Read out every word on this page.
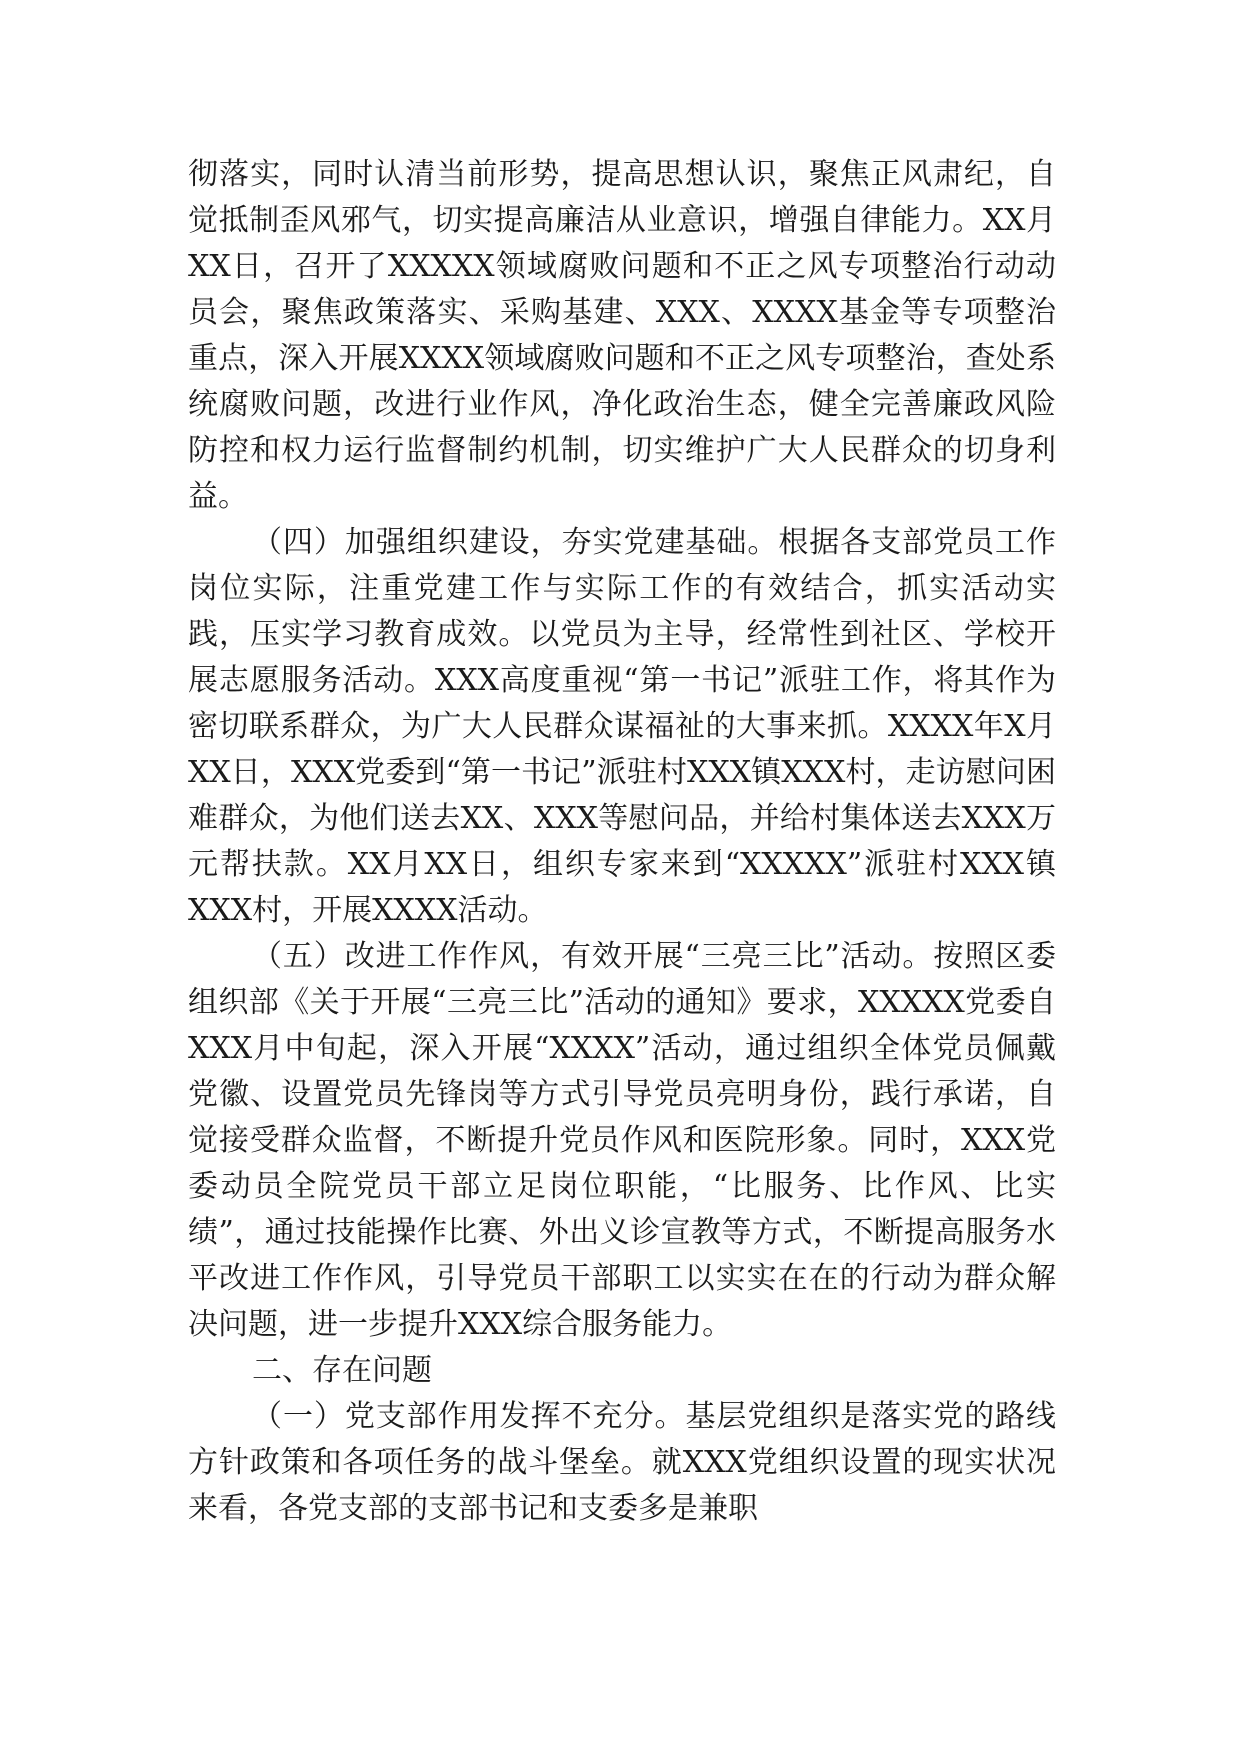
彻落实，同时认清当前形势，提高思想认识，聚焦正风肃纪，自觉抵制歪风邪气，切实提高廉洁从业意识，增强自律能力。XX月XX日，召开了XXXXX领域腐败问题和不正之风专项整治行动动员会，聚焦政策落实、采购基建、XXX、XXXX基金等专项整治重点，深入开展XXXX领域腐败问题和不正之风专项整治，查处系统腐败问题，改进行业作风，净化政治生态，健全完善廉政风险防控和权力运行监督制约机制，切实维护广大人民群众的切身利益。

（四）加强组织建设，夯实党建基础。根据各支部党员工作岗位实际，注重党建工作与实际工作的有效结合，抓实活动实践，压实学习教育成效。以党员为主导，经常性到社区、学校开展志愿服务活动。XXX高度重视“第一书记”派驻工作，将其作为密切联系群众，为广大人民群众谋福祉的大事来抓。XXXX年X月XX日，XXX党委到“第一书记”派驻村XXX镇XXX村，走访慰问困难群众，为他们送去XX、XXX等慰问品，并给村集体送去XXX万元帮扶款。XX月XX日，组织专家来到“XXXXX”派驻村XXX镇XXX村，开展XXXX活动。

（五）改进工作作风，有效开展“三亮三比”活动。按照区委组织部《关于开展“三亮三比”活动的通知》要求，XXXXX党委自XXX月中旬起，深入开展“XXXX”活动，通过组织全体党员佩戴党徽、设置党员先锋岗等方式引导党员亮明身份，践行承诺，自觉接受群众监督，不断提升党员作风和医院形象。同时，XXX党委动员全院党员干部立足岗位职能，“比服务、比作风、比实绩”，通过技能操作比赛、外出义诊宣教等方式，不断提高服务水平改进工作作风，引导党员干部职工以实实在在的行动为群众解决问题，进一步提升XXX综合服务能力。

二、存在问题

（一）党支部作用发挥不充分。基层党组织是落实党的路线方针政策和各项任务的战斗堡垒。就XXX党组织设置的现实状况来看，各党支部的支部书记和支委多是兼职
